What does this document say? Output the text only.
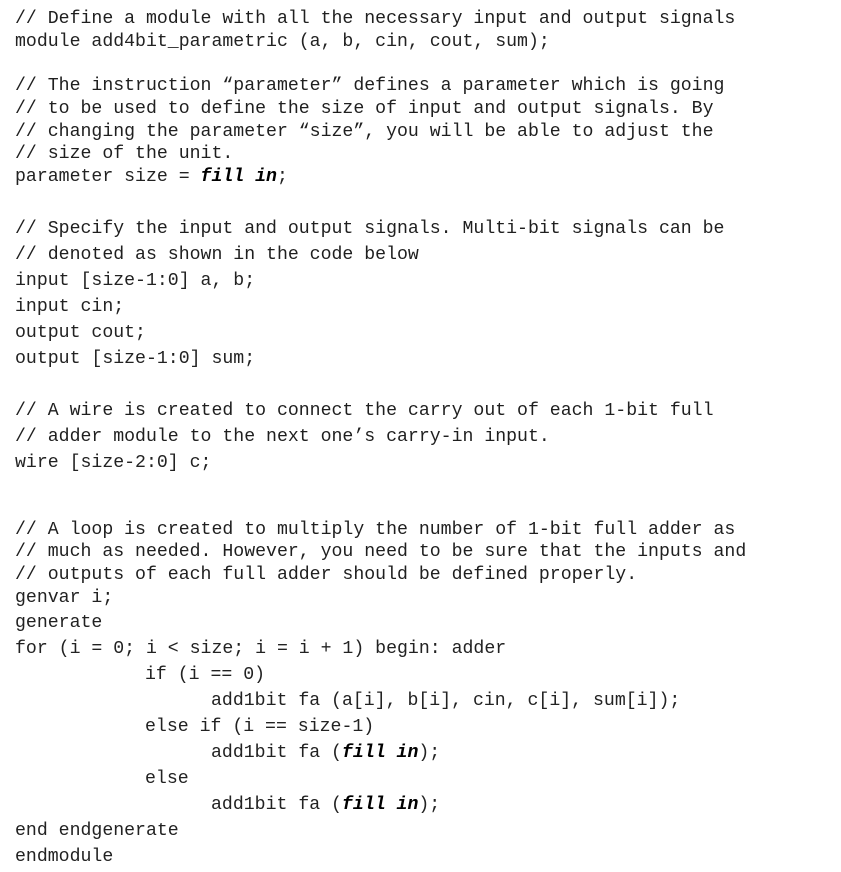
// Define a module with all the necessary input and output signals

module add4bit_parametric (a, b, cin, cout, sum);

// The instruction “parameter” defines a parameter which is going

// to be used to define the size of input and output signals. By

// changing the parameter “size”, you will be able to adjust the

// size of the unit.

parameter size = fill in;

// Specify the input and output signals. Multi-bit signals can be

// denoted as shown in the code below

input [size-1:0] a, b;

input cin;

output cout;

output [size-1:0] sum;

// A wire is created to connect the carry out of each 1-bit full

// adder module to the next one’s carry-in input.

wire [size-2:0] c;

// A loop is created to multiply the number of 1-bit full adder as

// much as needed. However, you need to be sure that the inputs and

// outputs of each full adder should be defined properly.

genvar i;

generate

for (i = 0; i < size; i = i + 1) begin: adder

if (i == 0)

add1bit fa (a[i], b[i], cin, c[i], sum[i]);

else if (i == size-1)

add1bit fa (fill in);

else

add1bit fa (fill in);

end endgenerate

endmodule
